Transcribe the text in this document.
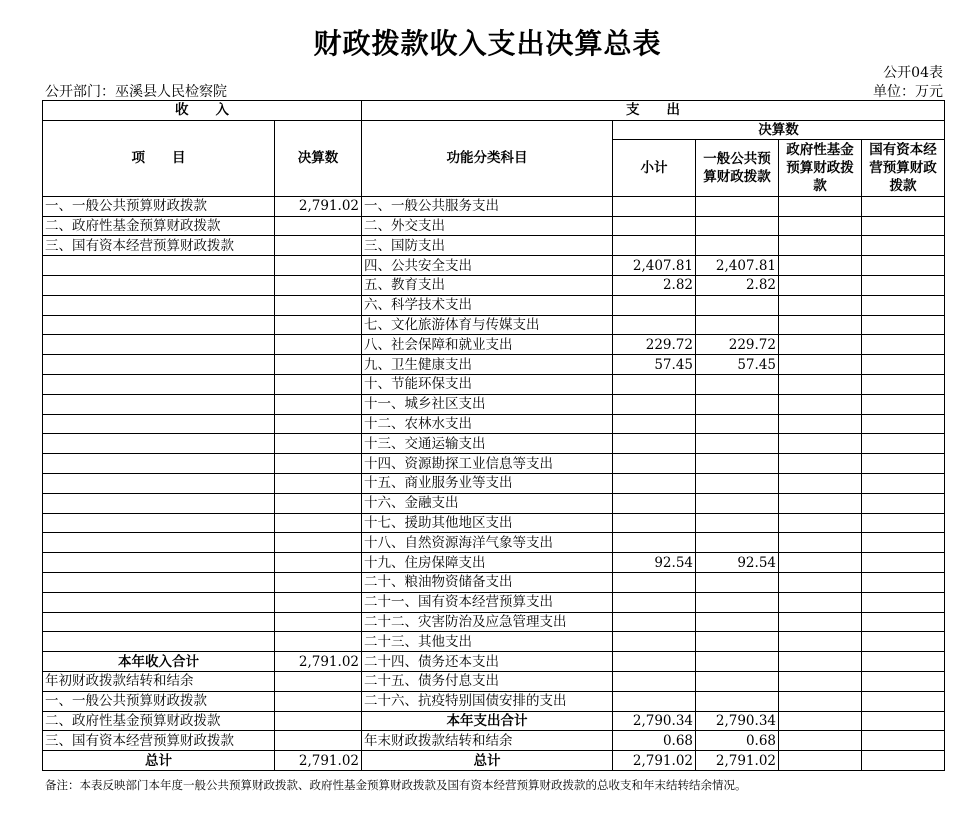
财政拨款收入支出决算总表
公开04表
公开部门：巫溪县人民检察院	单位：万元
收　　入		支　　出				
项　　目	决算数	功能分类科目	决算数			
			小计	一般公共预算财政拨款	政府性基金预算财政拨款	国有资本经营预算财政拨款

一、一般公共预算财政拨款	2,791.02	一、一般公共服务支出				
二、政府性基金预算财政拨款		二、外交支出				
三、国有资本经营预算财政拨款		三、国防支出				
		四、公共安全支出	2,407.81	2,407.81		
		五、教育支出	2.82	2.82		
		六、科学技术支出				
		七、文化旅游体育与传媒支出				
		八、社会保障和就业支出	229.72	229.72		
		九、卫生健康支出	57.45	57.45		
		十、节能环保支出				
		十一、城乡社区支出				
		十二、农林水支出				
		十三、交通运输支出				
		十四、资源勘探工业信息等支出				
		十五、商业服务业等支出				
		十六、金融支出				
		十七、援助其他地区支出				
		十八、自然资源海洋气象等支出				
		十九、住房保障支出	92.54	92.54		
		二十、粮油物资储备支出				
		二十一、国有资本经营预算支出				
		二十二、灾害防治及应急管理支出				
		二十三、其他支出				
本年收入合计	2,791.02	二十四、债务还本支出				
年初财政拨款结转和结余		二十五、债务付息支出				
一、一般公共预算财政拨款		二十六、抗疫特别国债安排的支出				
二、政府性基金预算财政拨款		本年支出合计	2,790.34	2,790.34		
三、国有资本经营预算财政拨款		年末财政拨款结转和结余	0.68	0.68		
总计	2,791.02	总计	2,791.02	2,791.02		
备注：本表反映部门本年度一般公共预算财政拨款、政府性基金预算财政拨款及国有资本经营预算财政拨款的总收支和年末结转结余情况。
